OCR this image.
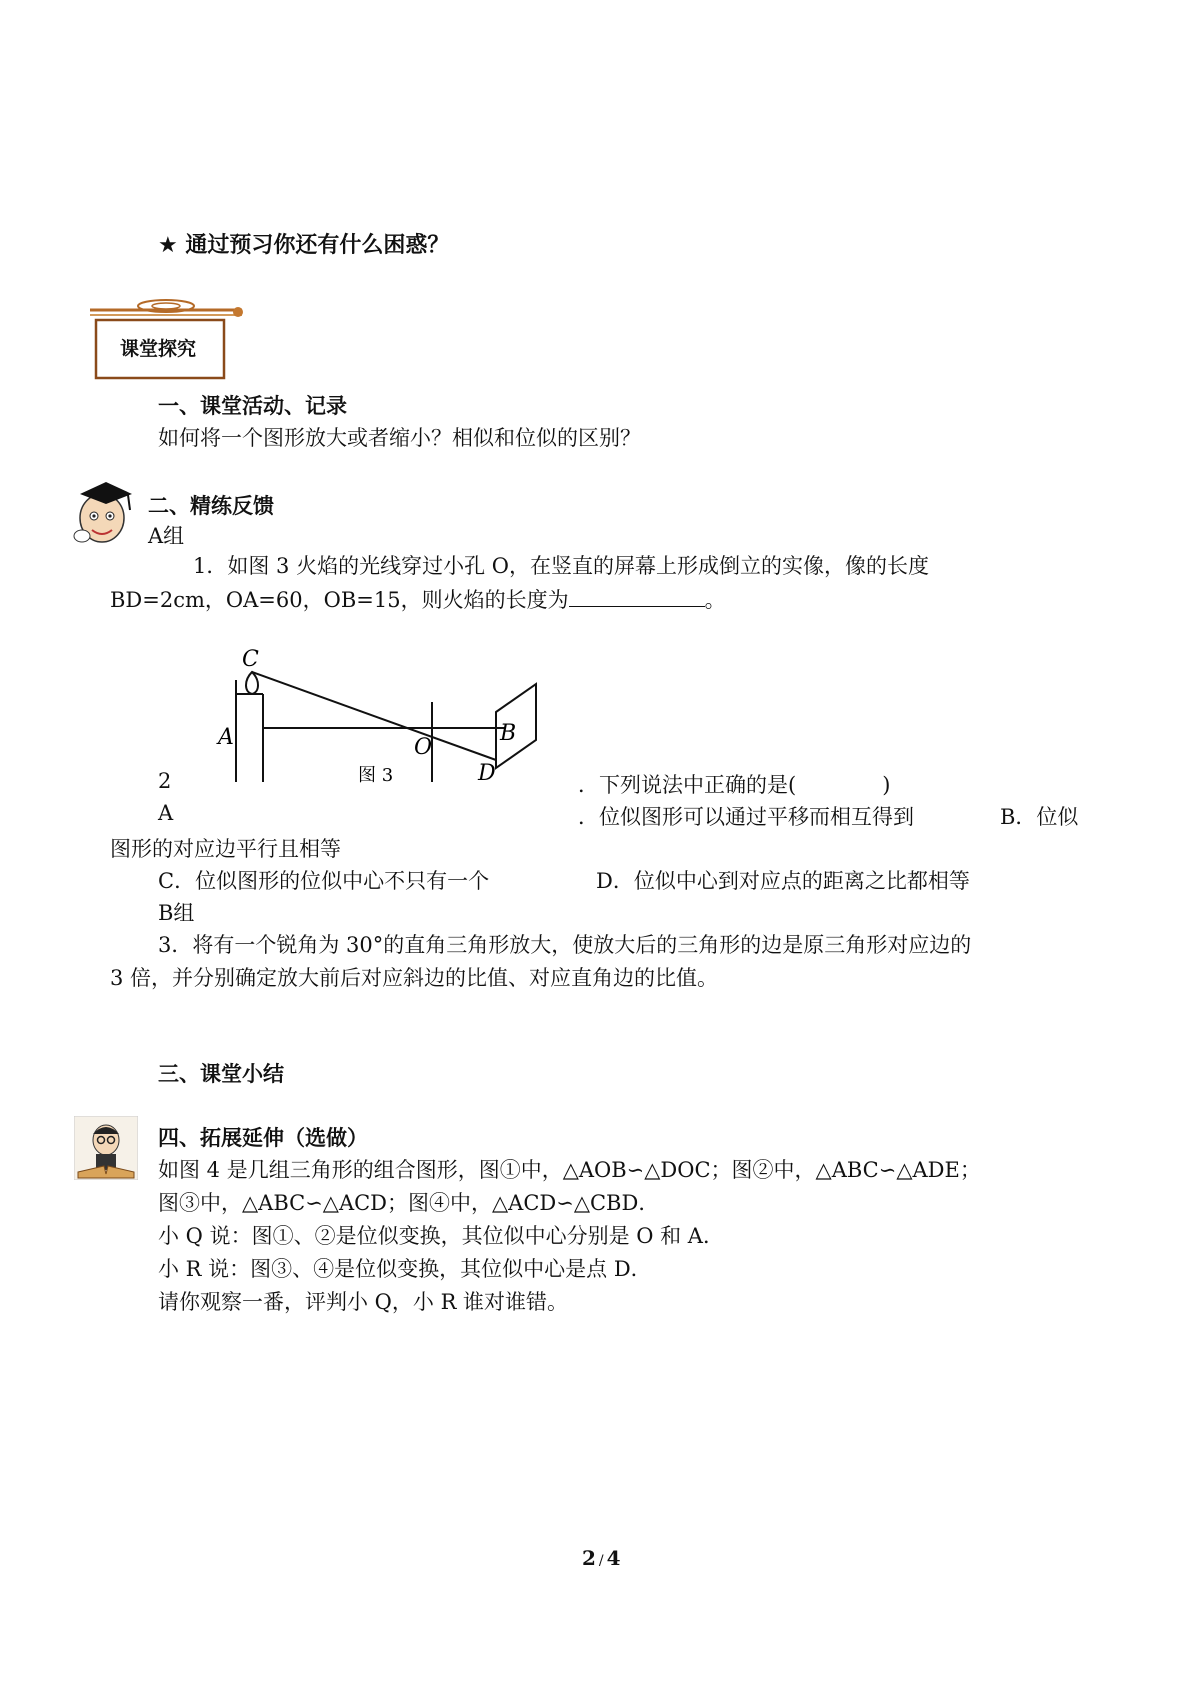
★ 通过预习你还有什么困惑？
课堂探究
一、课堂活动、记录
如何将一个图形放大或者缩小？相似和位似的区别？
二、精练反馈
A组
1．如图 3 火焰的光线穿过小孔 O，在竖直的屏幕上形成倒立的实像，像的长度
BD=2cm，OA=60，OB=15，则火焰的长度为	。
C
A	O
B
D
图 3
2	．下列说法中正确的是(	)
A	．位似图形可以通过平移而相互得到	B．位似
图形的对应边平行且相等
C．位似图形的位似中心不只有一个	D．位似中心到对应点的距离之比都相等
B组
3．将有一个锐角为 30°的直角三角形放大，使放大后的三角形的边是原三角形对应边的
3 倍，并分别确定放大前后对应斜边的比值、对应直角边的比值。
三、课堂小结
四、拓展延伸（选做）
如图 4 是几组三角形的组合图形，图①中，△AOB∽△DOC；图②中，△ABC∽△ADE；
图③中，△ABC∽△ACD；图④中，△ACD∽△CBD．
小 Q 说：图①、②是位似变换，其位似中心分别是 O 和 A．
小 R 说：图③、④是位似变换，其位似中心是点 D．
请你观察一番，评判小 Q，小 R 谁对谁错。
2 / 4
